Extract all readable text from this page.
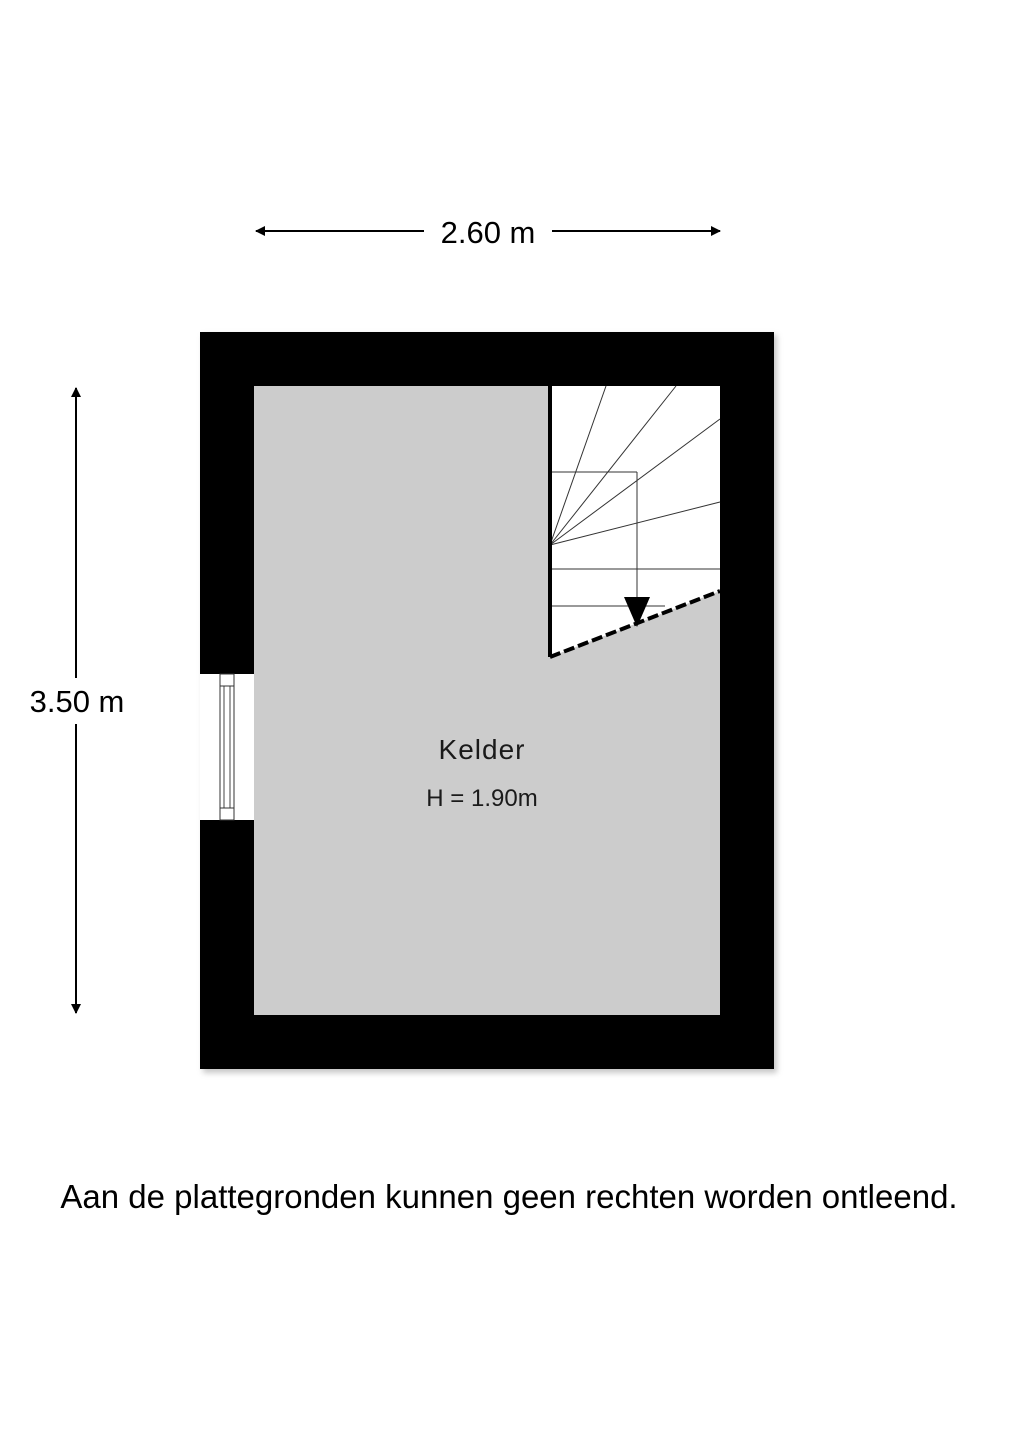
2.60 m
3.50 m
Kelder
H = 1.90m
Aan de plattegronden kunnen geen rechten worden ontleend.
